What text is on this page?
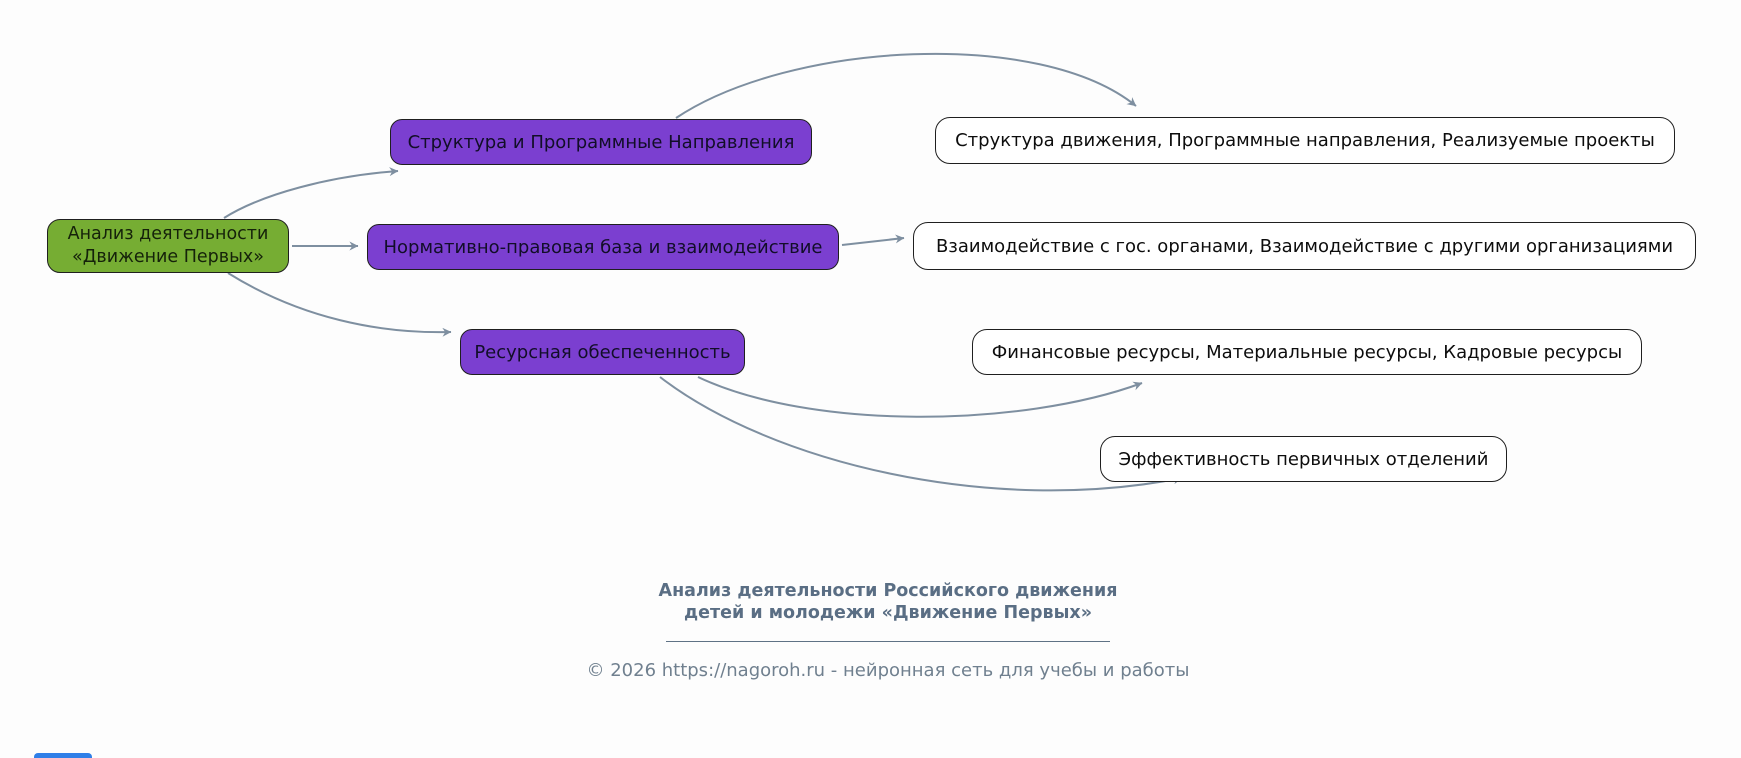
Анализ деятельности
«Движение Первых»
Структура и Программные Направления
Нормативно-правовая база и взаимодействие
Ресурсная обеспеченность
Структура движения, Программные направления, Реализуемые проекты
Взаимодействие с гос. органами, Взаимодействие с другими организациями
Финансовые ресурсы, Материальные ресурсы, Кадровые ресурсы
Эффективность первичных отделений
Анализ деятельности Российского движения
детей и молодежи «Движение Первых»
© 2026 https://nagoroh.ru - нейронная сеть для учебы и работы
